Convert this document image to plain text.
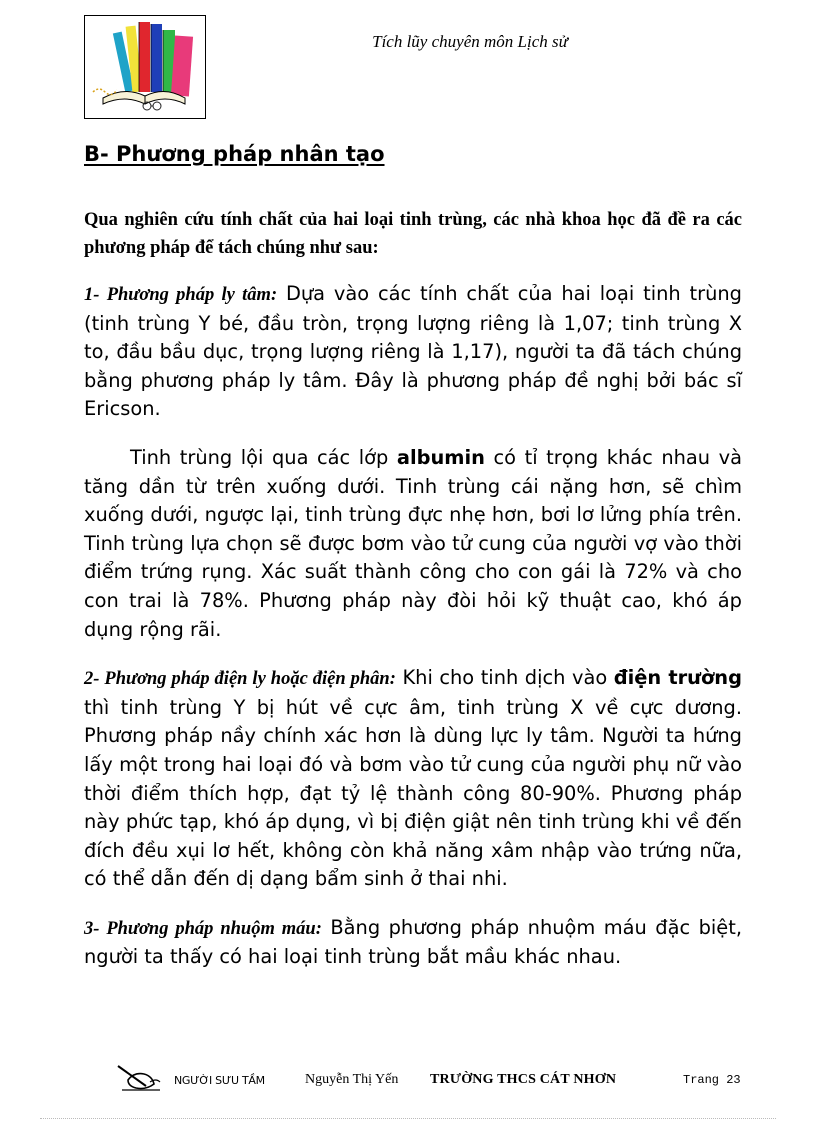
Tích lũy chuyên môn Lịch sử
B- Phương pháp nhân tạo

Qua nghiên cứu tính chất của hai loại tinh trùng, các nhà khoa học đã đề ra các phương pháp để tách chúng như sau:

1- Phương pháp ly tâm: Dựa vào các tính chất của hai loại tinh trùng (tinh trùng Y bé, đầu tròn, trọng lượng riêng là 1,07; tinh trùng X to, đầu bầu dục, trọng lượng riêng là 1,17), người ta đã tách chúng bằng phương pháp ly tâm. Đây là phương pháp đề nghị bởi bác sĩ Ericson.

Tinh trùng lội qua các lớp albumin có tỉ trọng khác nhau và tăng dần từ trên xuống dưới. Tinh trùng cái nặng hơn, sẽ chìm xuống dưới, ngược lại, tinh trùng đực nhẹ hơn, bơi lơ lửng phía trên. Tinh trùng lựa chọn sẽ được bơm vào tử cung của người vợ vào thời điểm trứng rụng. Xác suất thành công cho con gái là 72% và cho con trai là 78%. Phương pháp này đòi hỏi kỹ thuật cao, khó áp dụng rộng rãi.

2- Phương pháp điện ly hoặc điện phân: Khi cho tinh dịch vào điện trường thì tinh trùng Y bị hút về cực âm, tinh trùng X về cực dương. Phương pháp nầy chính xác hơn là dùng lực ly tâm. Người ta hứng lấy một trong hai loại đó và bơm vào tử cung của người phụ nữ vào thời điểm thích hợp, đạt tỷ lệ thành công 80-90%. Phương pháp này phức tạp, khó áp dụng, vì bị điện giật nên tinh trùng khi về đến đích đều xụi lơ hết, không còn khả năng xâm nhập vào trứng nữa, có thể dẫn đến dị dạng bẩm sinh ở thai nhi.

3- Phương pháp nhuộm máu: Bằng phương pháp nhuộm máu đặc biệt, người ta thấy có hai loại tinh trùng bắt mầu khác nhau.

NGƯỜI SƯU TẦM	Nguyễn Thị Yến TRƯỜNG THCS CÁT NHƠN	Trang 23
